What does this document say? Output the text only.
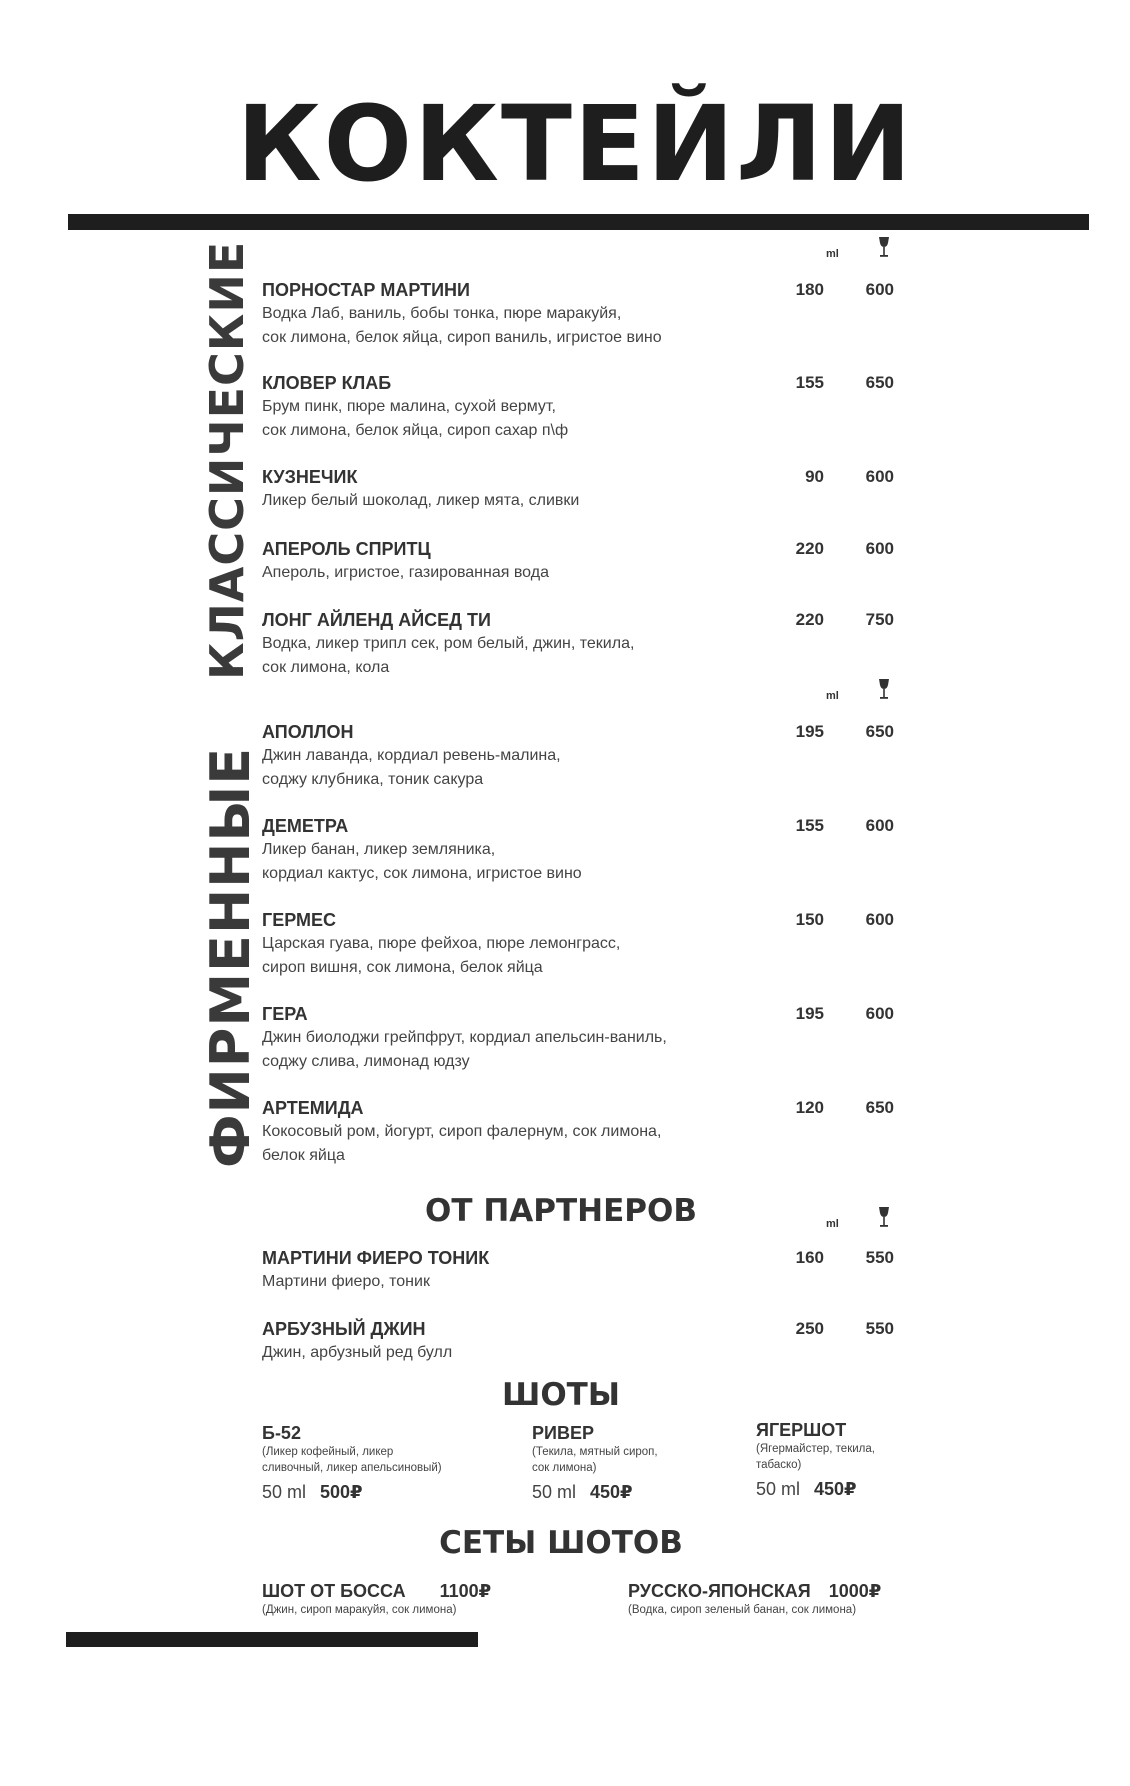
КОКТЕЙЛИ
КЛАССИЧЕСКИЕ
ФИРМЕННЫЕ
ml
ПОРНОСТАР МАРТИНИ
Водка Лаб, ваниль, бобы тонка, пюре маракуйя,
сок лимона, белок яйца, сироп ваниль, игристое вино
180	600
КЛОВЕР КЛАБ
Брум пинк, пюре малина, сухой вермут,
сок лимона, белок яйца, сироп сахар п\ф
155	650
КУЗНЕЧИК
Ликер белый шоколад, ликер мята, сливки
90	600
АПЕРОЛЬ СПРИТЦ
Апероль, игристое, газированная вода
220	600
ЛОНГ АЙЛЕНД АЙСЕД ТИ
Водка, ликер трипл сек, ром белый, джин, текила,
сок лимона, кола
220	750
ml
АПОЛЛОН
Джин лаванда, кордиал ревень-малина,
соджу клубника, тоник сакура
195	650
ДЕМЕТРА
Ликер банан, ликер земляника,
кордиал кактус, сок лимона, игристое вино
155	600
ГЕРМЕС
Царская гуава, пюре фейхоа, пюре лемонграсс,
сироп вишня, сок лимона, белок яйца
150	600
ГЕРА
Джин биолоджи грейпфрут, кордиал апельсин-ваниль,
соджу слива, лимонад юдзу
195	600
АРТЕМИДА
Кокосовый ром, йогурт, сироп фалернум, сок лимона,
белок яйца
120	650
ОТ ПАРТНЕРОВ	ml
МАРТИНИ ФИЕРО ТОНИК
Мартини фиеро, тоник
160	550
АРБУЗНЫЙ ДЖИН
Джин, арбузный ред булл
250	550
ШОТЫ
Б-52
(Ликер кофейный, ликер
сливочный, ликер апельсиновый)
50 ml 500₽
РИВЕР
(Текила, мятный сироп,
сок лимона)
50 ml 450₽
ЯГЕРШОТ
(Ягермайстер, текила,
табаско)
50 ml 450₽
СЕТЫ ШОТОВ
ШОТ ОТ БОССА 1100₽
(Джин, сироп маракуйя, сок лимона)
РУССКО-ЯПОНСКАЯ 1000₽
(Водка, сироп зеленый банан, сок лимона)
